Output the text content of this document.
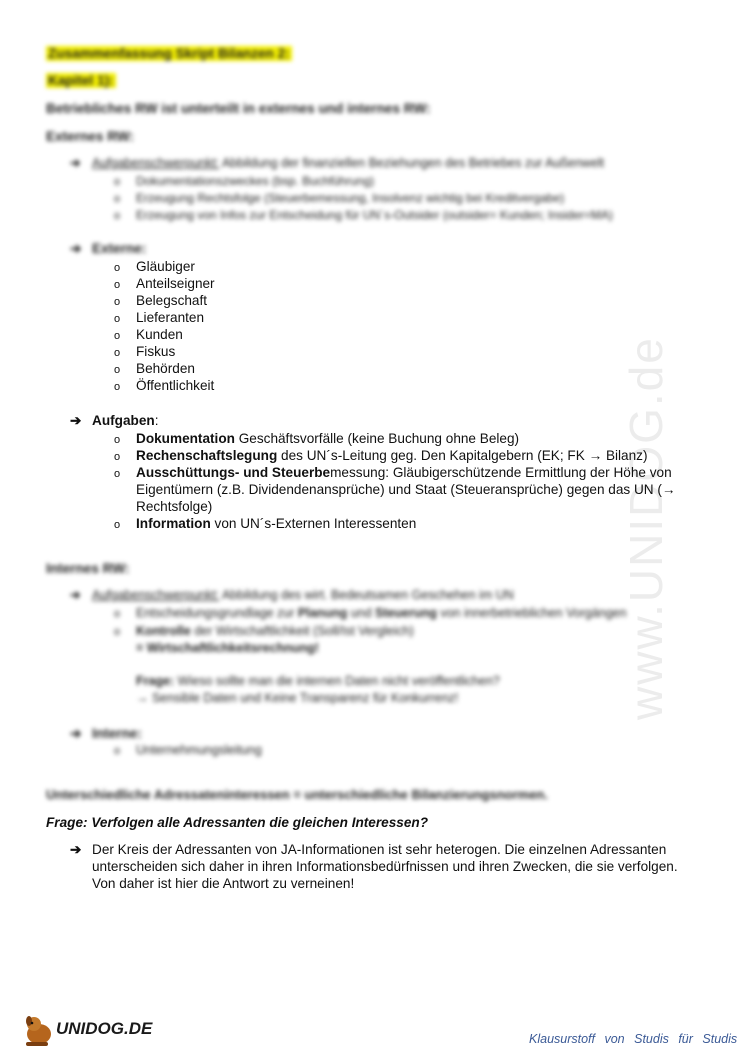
www.UNIDOG.de
Zusammenfassung Skript Bilanzen 2:
Kapitel 1):
Betriebliches RW ist unterteilt in externes und internes RW:
Externes RW:
➔ Aufgabenschwerpunkt: Abbildung der finanziellen Beziehungen des Betriebes zur Außenwelt
o Dokumentationszweckes (bsp. Buchführung)
o Erzeugung Rechtsfolge (Steuerbemessung, Insolvenz wichtig bei Kreditvergabe)
o Erzeugung von Infos zur Entscheidung für UN´s-Outsider (outsider= Kunden; Insider=MA)
➔ Externe:
o Gläubiger
o Anteilseigner
o Belegschaft
o Lieferanten
o Kunden
o Fiskus
o Behörden
o Öffentlichkeit
➔ Aufgaben:
o Dokumentation Geschäftsvorfälle (keine Buchung ohne Beleg)
o Rechenschaftslegung des UN´s-Leitung geg. Den Kapitalgebern (EK; FK → Bilanz)
o Ausschüttungs- und Steuerbemessung: Gläubigerschützende Ermittlung der Höhe von
Eigentümern (z.B. Dividendenansprüche) und Staat (Steueransprüche) gegen das UN (→
Rechtsfolge)
o Information von UN´s-Externen Interessenten
Internes RW:
➔ Aufgabenschwerpunkt: Abbildung des wirt. Bedeutsamen Geschehen im UN
o Entscheidungsgrundlage zur Planung und Steuerung von innerbetrieblichen Vorgängen
o Kontrolle der Wirtschaftlichkeit (Soll/Ist Vergleich)
= Wirtschaftlichkeitsrechnung!
Frage: Wieso sollte man die internen Daten nicht veröffentlichen?
→ Sensible Daten und Keine Transparenz für Konkurrenz!
➔ Interne:
o Unternehmungsleitung
Unterschiedliche Adressateninteressen = unterschiedliche Bilanzierungsnormen.
Frage: Verfolgen alle Adressanten die gleichen Interessen?
➔ Der Kreis der Adressanten von JA-Informationen ist sehr heterogen. Die einzelnen Adressanten
unterscheiden sich daher in ihren Informationsbedürfnissen und ihren Zwecken, die sie verfolgen.
Von daher ist hier die Antwort zu verneinen!
UNIDOG.DE
Klausurstoff von Studis für Studis
